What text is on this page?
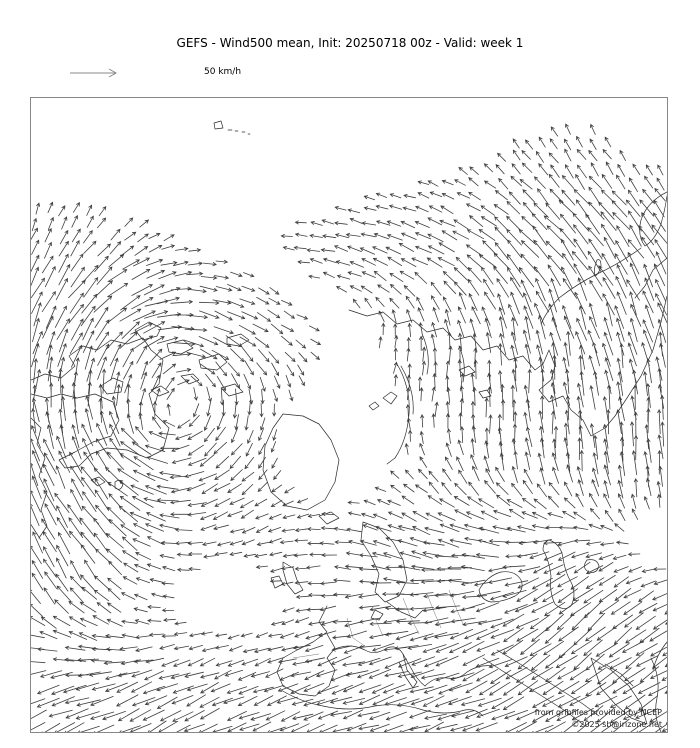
GEFS - Wind500 mean, Init: 20250718 00z - Valid: week 1
50 km/h
from gribfiles provided by NCEP
©2025 sb@irizone.net
